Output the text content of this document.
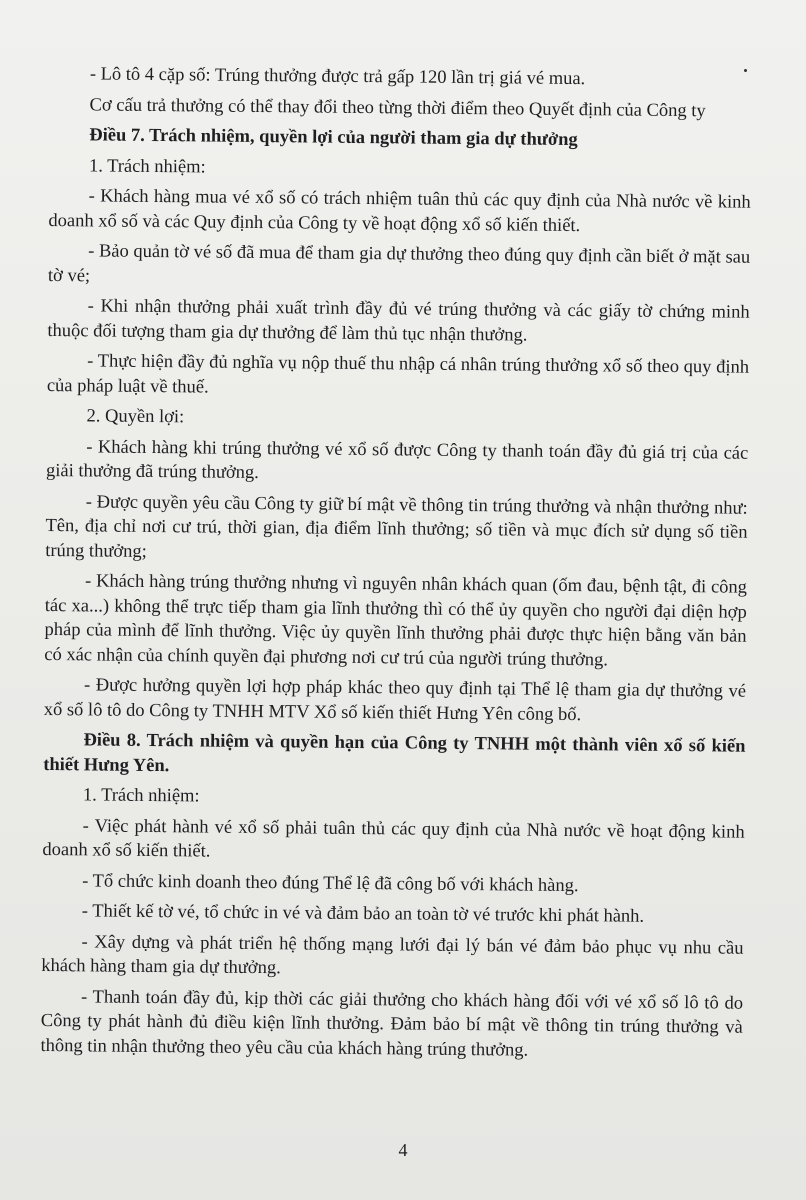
- Lô tô 4 cặp số: Trúng thưởng được trả gấp 120 lần trị giá vé mua.

Cơ cấu trả thưởng có thể thay đổi theo từng thời điểm theo Quyết định của Công ty

Điều 7. Trách nhiệm, quyền lợi của người tham gia dự thưởng

1. Trách nhiệm:

- Khách hàng mua vé xổ số có trách nhiệm tuân thủ các quy định của Nhà nước về kinh doanh xổ số và các Quy định của Công ty về hoạt động xổ số kiến thiết.

- Bảo quản tờ vé số đã mua để tham gia dự thưởng theo đúng quy định cần biết ở mặt sau tờ vé;

- Khi nhận thưởng phải xuất trình đầy đủ vé trúng thưởng và các giấy tờ chứng minh thuộc đối tượng tham gia dự thưởng để làm thủ tục nhận thưởng.

- Thực hiện đầy đủ nghĩa vụ nộp thuế thu nhập cá nhân trúng thưởng xổ số theo quy định của pháp luật về thuế.

2. Quyền lợi:

- Khách hàng khi trúng thưởng vé xổ số được Công ty thanh toán đầy đủ giá trị của các giải thưởng đã trúng thưởng.

- Được quyền yêu cầu Công ty giữ bí mật về thông tin trúng thưởng và nhận thưởng như: Tên, địa chỉ nơi cư trú, thời gian, địa điểm lĩnh thưởng; số tiền và mục đích sử dụng số tiền trúng thưởng;

- Khách hàng trúng thưởng nhưng vì nguyên nhân khách quan (ốm đau, bệnh tật, đi công tác xa...) không thể trực tiếp tham gia lĩnh thưởng thì có thể ủy quyền cho người đại diện hợp pháp của mình để lĩnh thưởng. Việc ủy quyền lĩnh thưởng phải được thực hiện bằng văn bản có xác nhận của chính quyền đại phương nơi cư trú của người trúng thưởng.

- Được hưởng quyền lợi hợp pháp khác theo quy định tại Thể lệ tham gia dự thưởng vé xổ số lô tô do Công ty TNHH MTV Xổ số kiến thiết Hưng Yên công bố.

Điều 8. Trách nhiệm và quyền hạn của Công ty TNHH một thành viên xổ số kiến thiết Hưng Yên.

1. Trách nhiệm:

- Việc phát hành vé xổ số phải tuân thủ các quy định của Nhà nước về hoạt động kinh doanh xổ số kiến thiết.

- Tổ chức kinh doanh theo đúng Thể lệ đã công bố với khách hàng.

- Thiết kế tờ vé, tổ chức in vé và đảm bảo an toàn tờ vé trước khi phát hành.

- Xây dựng và phát triển hệ thống mạng lưới đại lý bán vé đảm bảo phục vụ nhu cầu khách hàng tham gia dự thưởng.

- Thanh toán đầy đủ, kịp thời các giải thưởng cho khách hàng đối với vé xổ số lô tô do Công ty phát hành đủ điều kiện lĩnh thưởng. Đảm bảo bí mật về thông tin trúng thưởng và thông tin nhận thưởng theo yêu cầu của khách hàng trúng thưởng.

4
